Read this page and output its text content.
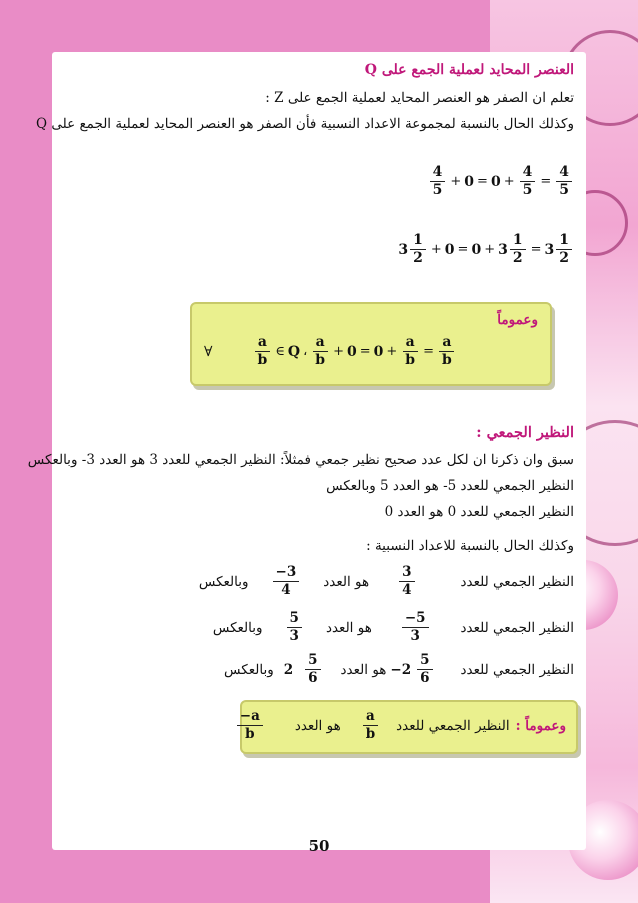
العنصر المحايد لعملية الجمع على Q
تعلم ان الصفر هو العنصر المحايد لعملية الجمع على Z :
وكذلك الحال بالنسبة لمجموعة الاعداد النسبية فأن الصفر هو العنصر المحايد لعملية الجمع على Q
$\frac{4}{5} + 0 = 0 + \frac{4}{5} = \frac{4}{5}$
$3 \frac{1}{2} + 0 = 0 + 3 \frac{1}{2} = 3 \frac{1}{2}$
وعموماً
∀	$\frac{a}{b}$ ∈ Q ، $\frac{a}{b} + 0 = 0 + \frac{a}{b} = \frac{a}{b}$
النظير الجمعي :
سبق وان ذكرنا ان لكل عدد صحيح نظير جمعي فمثلاً: النظير الجمعي للعدد 3 هو العدد 3- وبالعكس
النظير الجمعي للعدد 5- هو العدد 5 وبالعكس
النظير الجمعي للعدد 0 هو العدد 0
وكذلك الحال بالنسبة للاعداد النسبية :
النظير الجمعي للعدد
$\frac{3}{4}$
هو العدد
$\frac{-3}{4}$
وبالعكس
النظير الجمعي للعدد
$\frac{-5}{3}$
هو العدد
$\frac{5}{3}$
وبالعكس
النظير الجمعي للعدد
$\frac{5}{6}$
2−
هو العدد
$\frac{5}{6}$
2
وبالعكس
وعموماً :
النظير الجمعي للعدد
$\frac{a}{b}$
هو العدد
$\frac{-a}{b}$
50
